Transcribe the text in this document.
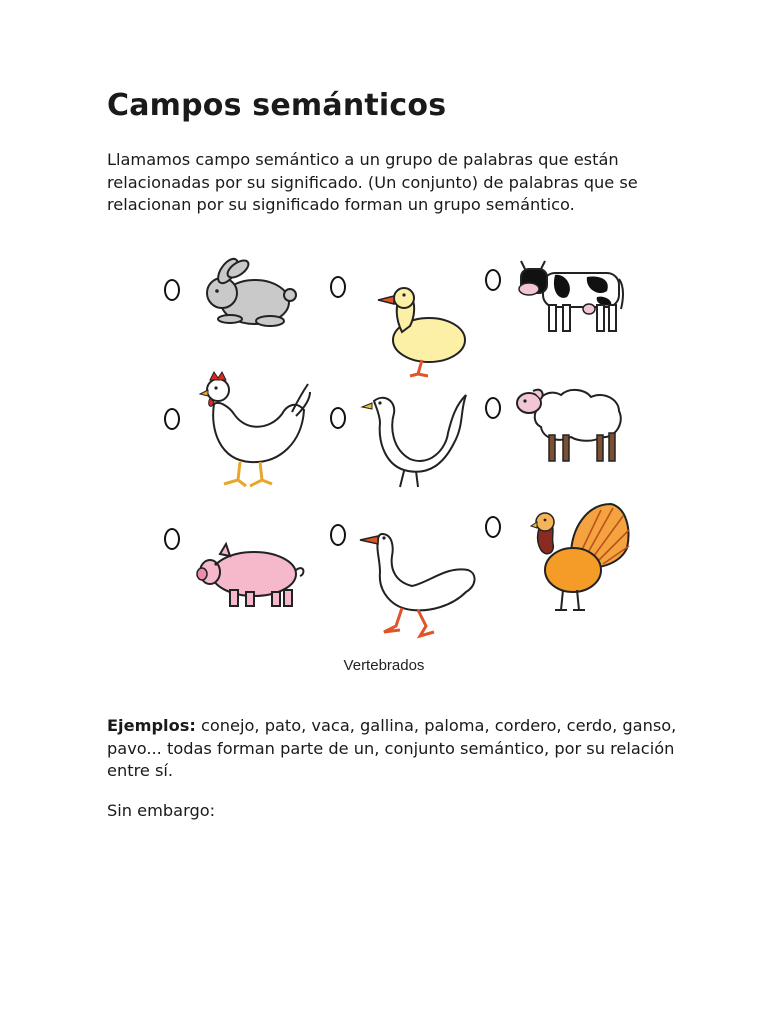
Campos semánticos

Llamamos campo semántico a un grupo de palabras que están relacionadas por su significado. (Un conjunto) de palabras que se relacionan por su significado forman un grupo semántico.

Vertebrados

Ejemplos: conejo, pato, vaca, gallina, paloma, cordero, cerdo, ganso, pavo... todas forman parte de un, conjunto semántico, por su relación entre sí.

Sin embargo:
